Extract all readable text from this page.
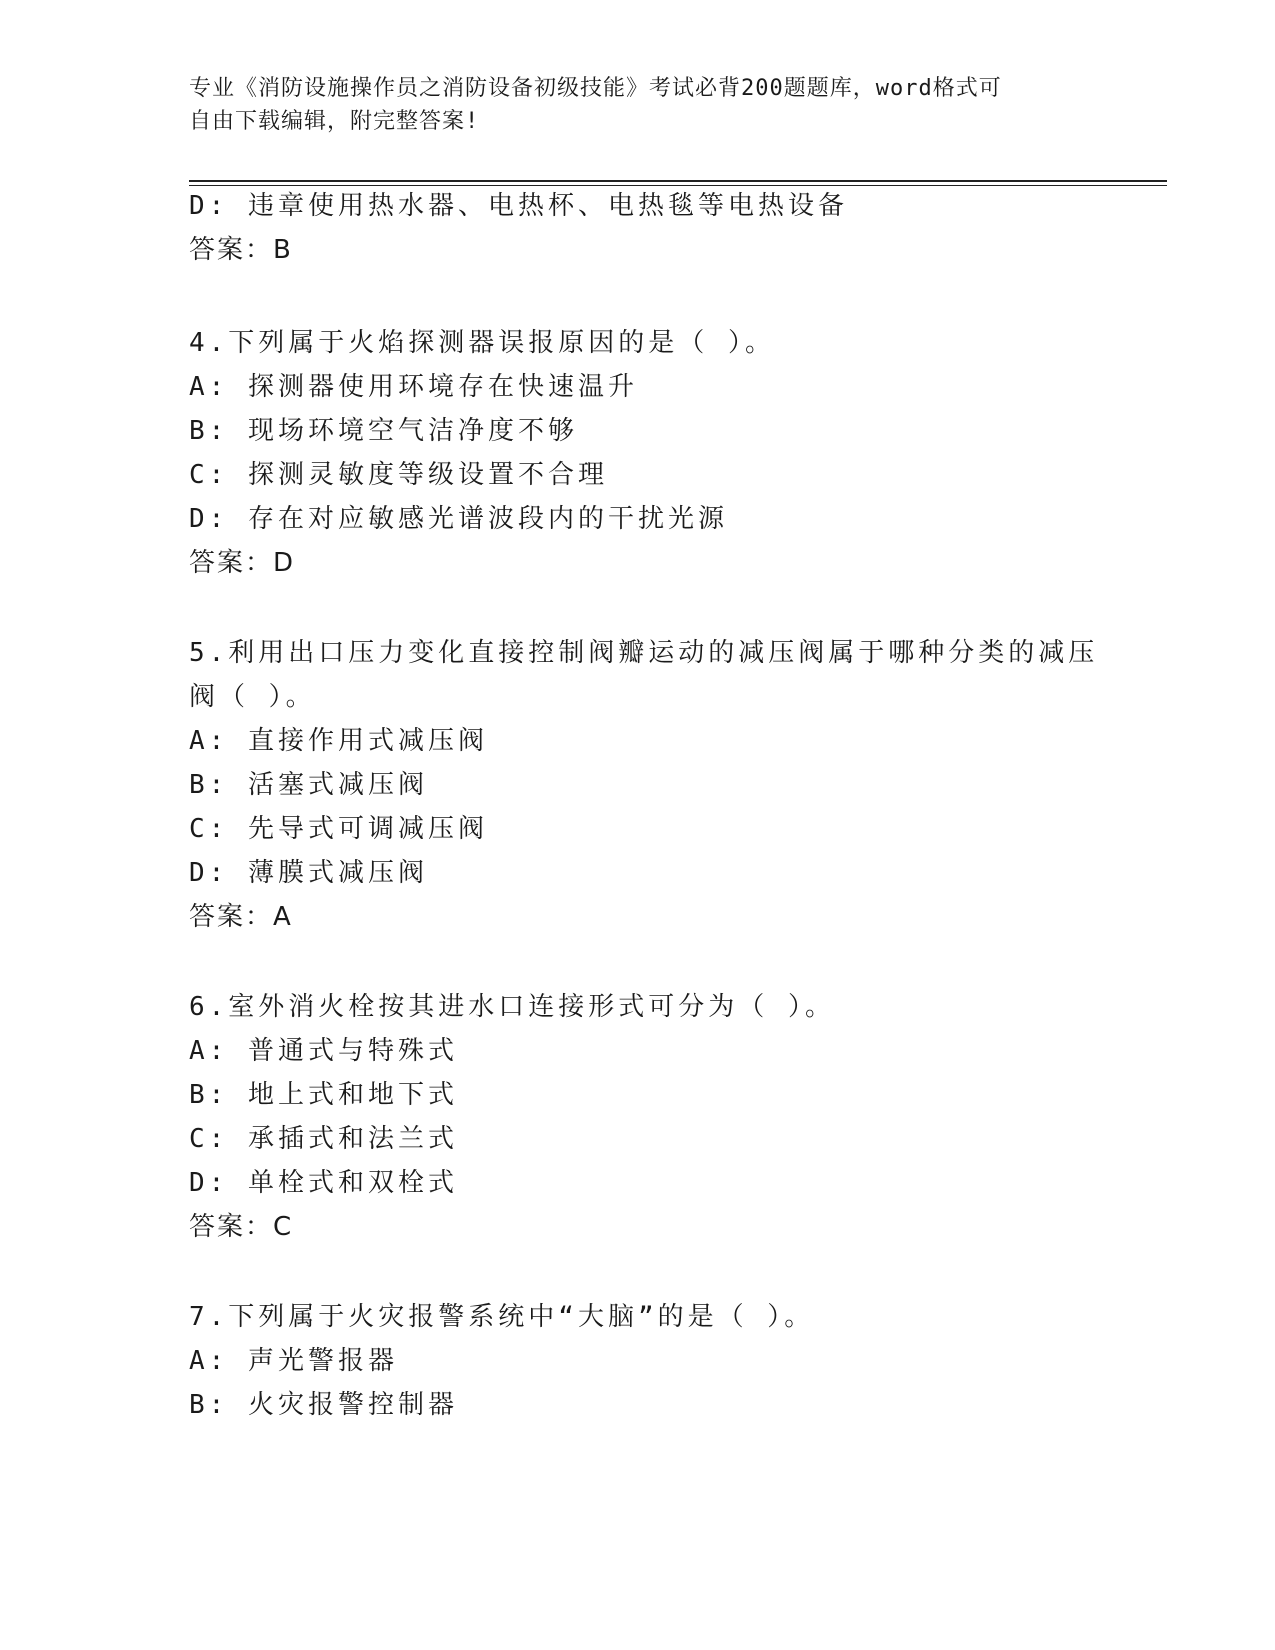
专业《消防设施操作员之消防设备初级技能》考试必背200题题库，word格式可
自由下载编辑，附完整答案!
D: 违章使用热水器、电热杯、电热毯等电热设备
答案：B
4.下列属于火焰探测器误报原因的是（ ）。
A: 探测器使用环境存在快速温升
B: 现场环境空气洁净度不够
C: 探测灵敏度等级设置不合理
D: 存在对应敏感光谱波段内的干扰光源
答案：D
5.利用出口压力变化直接控制阀瓣运动的减压阀属于哪种分类的减压
阀（ ）。
A: 直接作用式减压阀
B: 活塞式减压阀
C: 先导式可调减压阀
D: 薄膜式减压阀
答案：A
6.室外消火栓按其进水口连接形式可分为（ ）。
A: 普通式与特殊式
B: 地上式和地下式
C: 承插式和法兰式
D: 单栓式和双栓式
答案：C
7.下列属于火灾报警系统中“大脑”的是（ ）。
A: 声光警报器
B: 火灾报警控制器
